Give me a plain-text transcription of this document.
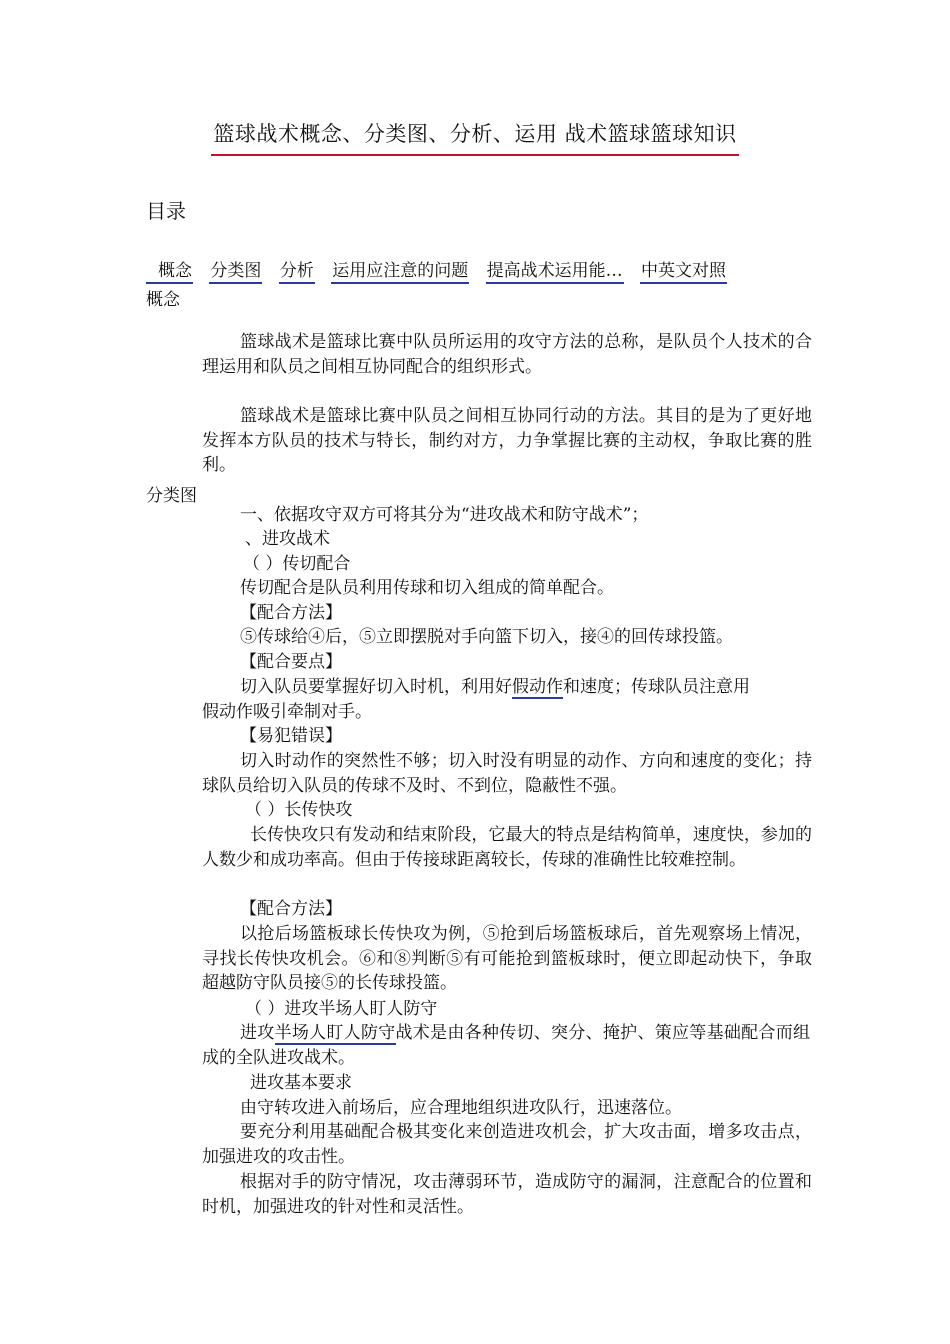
篮球战术概念、分类图、分析、运用 战术篮球篮球知识
目录
概念 分类图 分析 运用应注意的问题 提高战术运用能… 中英文对照
概念
篮球战术是篮球比赛中队员所运用的攻守方法的总称，是队员个人技术的合理运用和队员之间相互协同配合的组织形式。
篮球战术是篮球比赛中队员之间相互协同行动的方法。其目的是为了更好地发挥本方队员的技术与特长，制约对方，力争掌握比赛的主动权，争取比赛的胜利。
分类图
一、依据攻守双方可将其分为“进攻战术和防守战术”；
、进攻战术
（ ）传切配合
传切配合是队员利用传球和切入组成的简单配合。
【配合方法】
⑤传球给④后，⑤立即摆脱对手向篮下切入，接④的回传球投篮。
【配合要点】
切入队员要掌握好切入时机，利用好假动作和速度；传球队员注意用
假动作吸引牵制对手。
【易犯错误】
切入时动作的突然性不够；切入时没有明显的动作、方向和速度的变化；持球队员给切入队员的传球不及时、不到位，隐蔽性不强。
（ ）长传快攻
长传快攻只有发动和结束阶段，它最大的特点是结构简单，速度快，参加的人数少和成功率高。但由于传接球距离较长，传球的准确性比较难控制。
【配合方法】
以抢后场篮板球长传快攻为例，⑤抢到后场篮板球后，首先观察场上情况，寻找长传快攻机会。⑥和⑧判断⑤有可能抢到篮板球时，便立即起动快下，争取超越防守队员接⑤的长传球投篮。
（ ）进攻半场人盯人防守
进攻半场人盯人防守战术是由各种传切、突分、掩护、策应等基础配合而组成的全队进攻战术。
进攻基本要求
由守转攻进入前场后，应合理地组织进攻队行，迅速落位。
要充分利用基础配合极其变化来创造进攻机会，扩大攻击面，增多攻击点，加强进攻的攻击性。
根据对手的防守情况，攻击薄弱环节，造成防守的漏洞，注意配合的位置和时机，加强进攻的针对性和灵活性。
